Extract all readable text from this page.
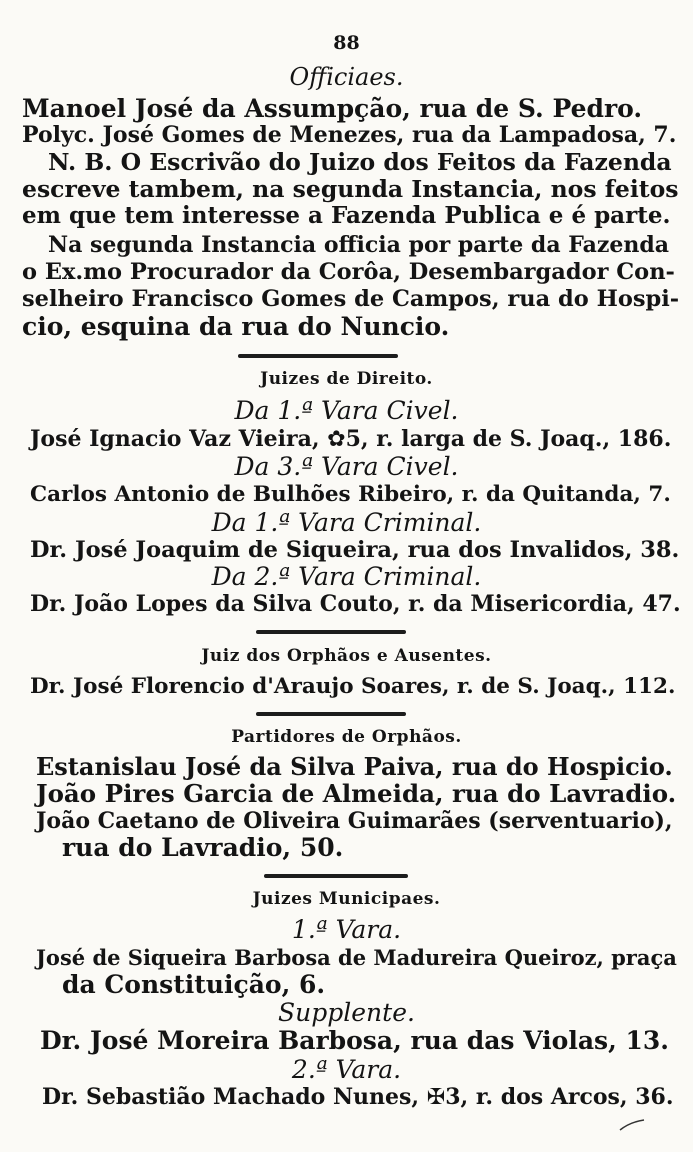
88
Officiaes.
Manoel José da Assumpção, rua de S. Pedro.
Polyc. José Gomes de Menezes, rua da Lampadosa, 7.
N. B. O Escrivão do Juizo dos Feitos da Fazenda
escreve tambem, na segunda Instancia, nos feitos
em que tem interesse a Fazenda Publica e é parte.
Na segunda Instancia officia por parte da Fazenda
o Ex.mo Procurador da Corôa, Desembargador Con-
selheiro Francisco Gomes de Campos, rua do Hospi-
cio, esquina da rua do Nuncio.
Juizes de Direito.
Da 1.ª Vara Civel.
José Ignacio Vaz Vieira, ✿5, r. larga de S. Joaq., 186.
Da 3.ª Vara Civel.
Carlos Antonio de Bulhões Ribeiro, r. da Quitanda, 7.
Da 1.ª Vara Criminal.
Dr. José Joaquim de Siqueira, rua dos Invalidos, 38.
Da 2.ª Vara Criminal.
Dr. João Lopes da Silva Couto, r. da Misericordia, 47.
Juiz dos Orphãos e Ausentes.
Dr. José Florencio d'Araujo Soares, r. de S. Joaq., 112.
Partidores de Orphãos.
Estanislau José da Silva Paiva, rua do Hospicio.
João Pires Garcia de Almeida, rua do Lavradio.
João Caetano de Oliveira Guimarães (serventuario),
rua do Lavradio, 50.
Juizes Municipaes.
1.ª Vara.
José de Siqueira Barbosa de Madureira Queiroz, praça
da Constituição, 6.
Supplente.
Dr. José Moreira Barbosa, rua das Violas, 13.
2.ª Vara.
Dr. Sebastião Machado Nunes, ✠3, r. dos Arcos, 36.
